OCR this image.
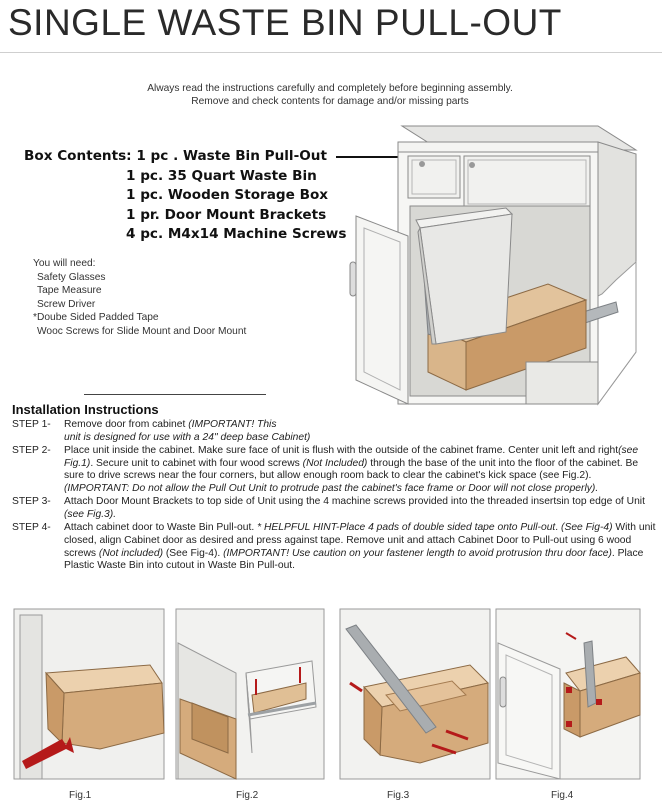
SINGLE WASTE BIN PULL-OUT
Always read the instructions carefully and completely before beginning assembly.
Remove and check contents for damage and/or missing parts
Box Contents: 1 pc . Waste Bin Pull-Out
1 pc. 35 Quart Waste Bin
1 pc. Wooden Storage Box
1 pr. Door Mount Brackets
4 pc. M4x14 Machine Screws
You will need:
Safety Glasses
Tape Measure
Screw Driver
*Doube Sided Padded Tape
Wooc Screws for Slide Mount and Door Mount
Installation Instructions
STEP 1- Remove door from cabinet (IMPORTANT! This
unit is designed for use with a 24" deep base Cabinet)
STEP 2- Place unit inside the cabinet. Make sure face of unit is flush with the outside of the cabinet frame. Center unit left and right(see Fig.1). Secure unit to cabinet with four wood screws (Not Included) through the base of the unit into the floor of the cabinet. Be sure to drive screws near the four corners, but allow enough room back to clear the cabinet's kick space (see Fig.2). (IMPORTANT: Do not allow the Pull Out Unit to protrude past the cabinet's face frame or Door will not close properly).
STEP 3- Attach Door Mount Brackets to top side of Unit using the 4 machine screws provided into the threaded insertsin top edge of Unit (see Fig.3).
STEP 4- Attach cabinet door to Waste Bin Pull-out. * HELPFUL HINT-Place 4 pads of double sided tape onto Pull-out. (See Fig-4) With unit closed, align Cabinet door as desired and press against tape. Remove unit and attach Cabinet Door to Pull-out using 6 wood screws (Not included) (See Fig-4). (IMPORTANT! Use caution on your fastener length to avoid protrusion thru door face). Place Plastic Waste Bin into cutout in Waste Bin Pull-out.
Fig.1	Fig.2	Fig.3	Fig.4
